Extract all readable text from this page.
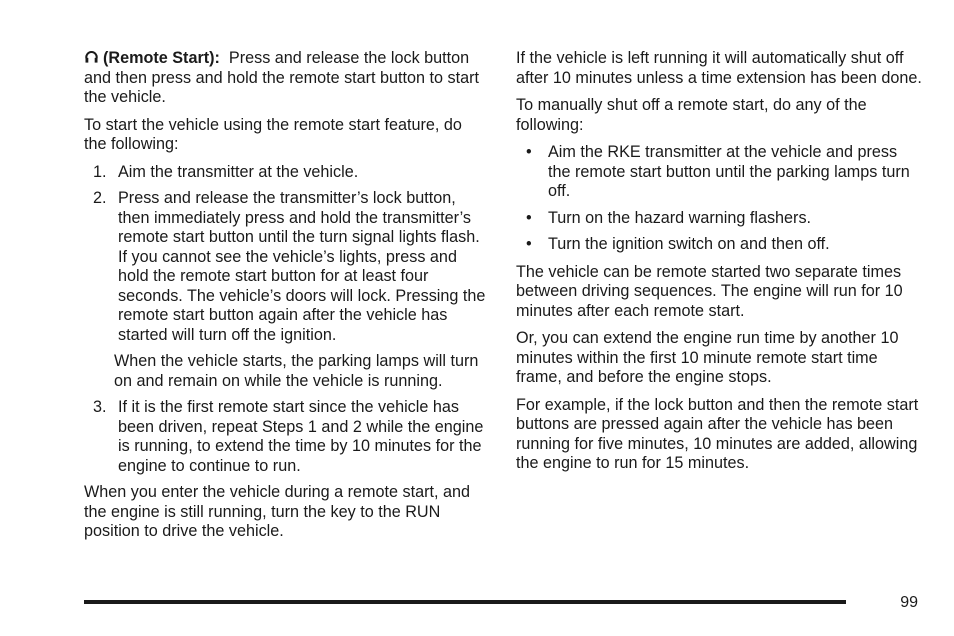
(Remote Start): Press and release the lock button and then press and hold the remote start button to start the vehicle.

To start the vehicle using the remote start feature, do the following:

1. Aim the transmitter at the vehicle.
2. Press and release the transmitter’s lock button, then immediately press and hold the transmitter’s remote start button until the turn signal lights flash. If you cannot see the vehicle’s lights, press and hold the remote start button for at least four seconds. The vehicle’s doors will lock. Pressing the remote start button again after the vehicle has started will turn off the ignition.

When the vehicle starts, the parking lamps will turn on and remain on while the vehicle is running.

3. If it is the first remote start since the vehicle has been driven, repeat Steps 1 and 2 while the engine is running, to extend the time by 10 minutes for the engine to continue to run.

When you enter the vehicle during a remote start, and the engine is still running, turn the key to the RUN position to drive the vehicle.

If the vehicle is left running it will automatically shut off after 10 minutes unless a time extension has been done.

To manually shut off a remote start, do any of the following:

• Aim the RKE transmitter at the vehicle and press the remote start button until the parking lamps turn off.
• Turn on the hazard warning flashers.
• Turn the ignition switch on and then off.

The vehicle can be remote started two separate times between driving sequences. The engine will run for 10 minutes after each remote start.

Or, you can extend the engine run time by another 10 minutes within the first 10 minute remote start time frame, and before the engine stops.

For example, if the lock button and then the remote start buttons are pressed again after the vehicle has been running for five minutes, 10 minutes are added, allowing the engine to run for 15 minutes.

99
